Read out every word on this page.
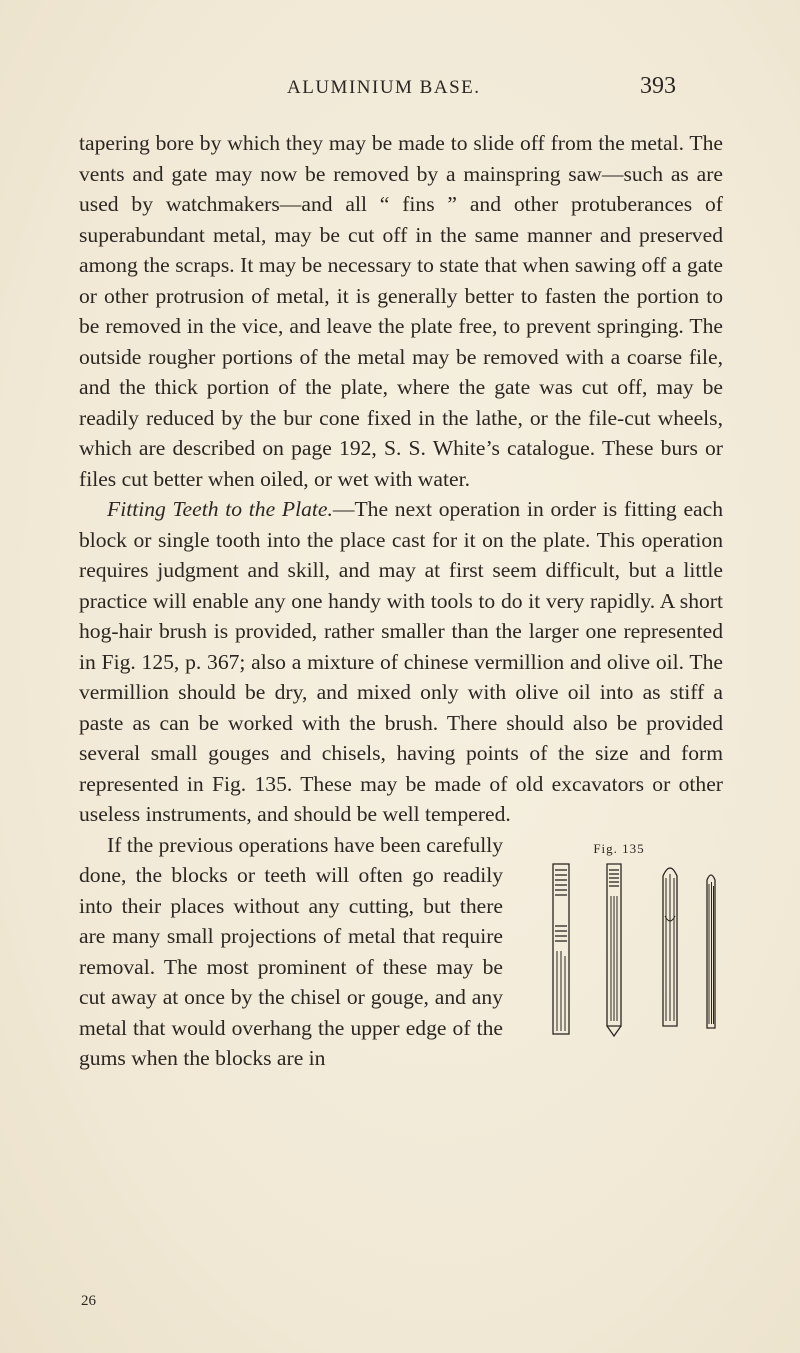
ALUMINIUM BASE.	393

tapering bore by which they may be made to slide off from the metal. The vents and gate may now be removed by a mainspring saw—such as are used by watchmakers—and all “ fins ” and other protuberances of superabundant metal, may be cut off in the same manner and preserved among the scraps. It may be necessary to state that when sawing off a gate or other protrusion of metal, it is generally better to fasten the portion to be removed in the vice, and leave the plate free, to prevent springing. The outside rougher portions of the metal may be removed with a coarse file, and the thick portion of the plate, where the gate was cut off, may be readily reduced by the bur cone fixed in the lathe, or the file-cut wheels, which are described on page 192, S. S. White’s catalogue. These burs or files cut better when oiled, or wet with water.

Fitting Teeth to the Plate.—The next operation in order is fitting each block or single tooth into the place cast for it on the plate. This operation requires judgment and skill, and may at first seem difficult, but a little practice will enable any one handy with tools to do it very rapidly. A short hog-hair brush is provided, rather smaller than the larger one represented in Fig. 125, p. 367; also a mixture of chinese vermillion and olive oil. The vermillion should be dry, and mixed only with olive oil into as stiff a paste as can be worked with the brush. There should also be provided several small gouges and chisels, having points of the size and form represented in Fig. 135. These may be made of old excavators or other useless instruments, and should be well tempered.

Fig. 135

If the previous operations have been carefully done, the blocks or teeth will often go readily into their places without any cutting, but there are many small projections of metal that require removal. The most prominent of these may be cut away at once by the chisel or gouge, and any metal that would overhang the upper edge of the gums when the blocks are in

26
